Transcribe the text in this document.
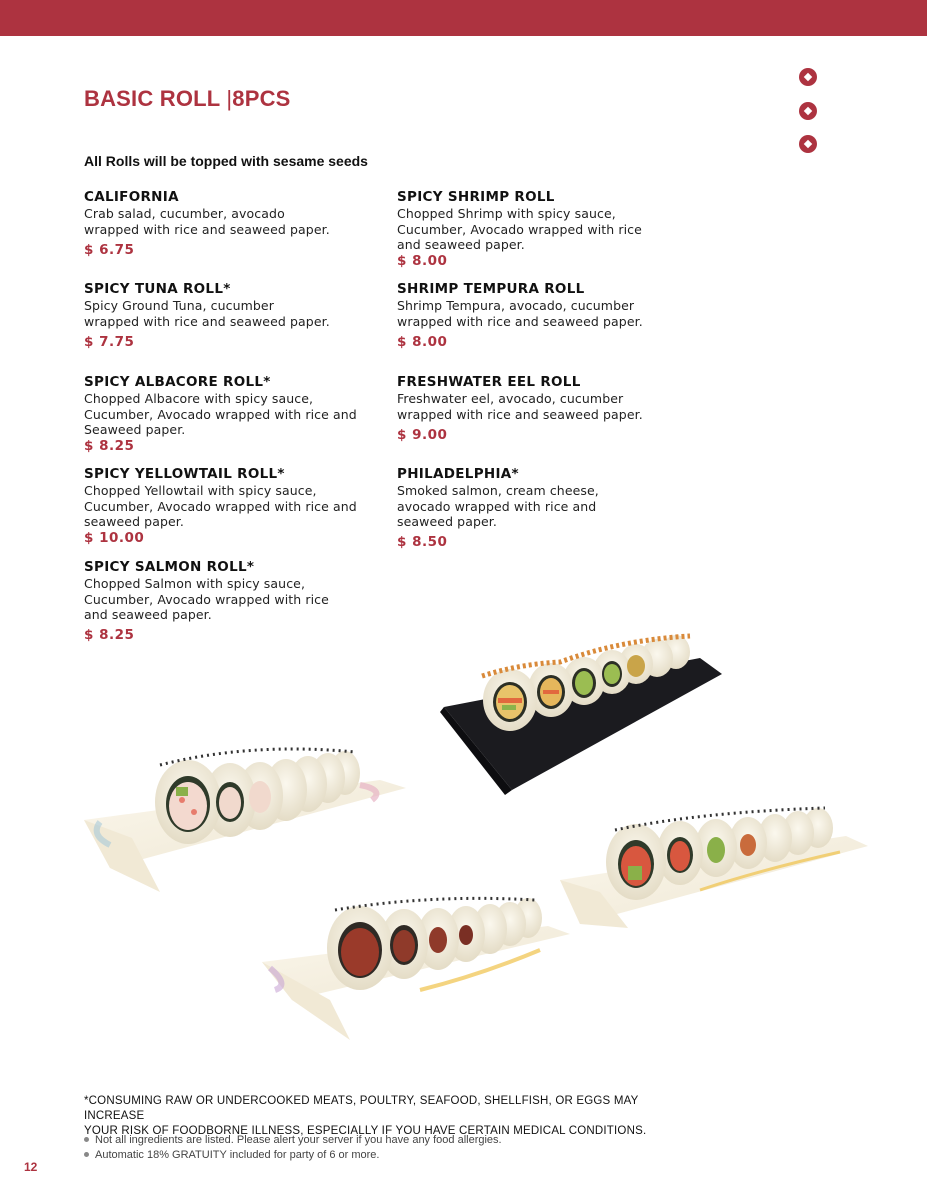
BASIC ROLL |8PCS
All Rolls will be topped with sesame seeds
CALIFORNIA
Crab salad, cucumber, avocado
wrapped with rice and seaweed paper.
$ 6.75
SPICY TUNA ROLL*
Spicy Ground Tuna, cucumber
wrapped with rice and seaweed paper.
$ 7.75
SPICY ALBACORE ROLL*
Chopped Albacore with spicy sauce,
Cucumber, Avocado wrapped with rice and
Seaweed paper.
$ 8.25
SPICY YELLOWTAIL ROLL*
Chopped Yellowtail with spicy sauce,
Cucumber, Avocado wrapped with rice and
seaweed paper.
$ 10.00
SPICY SALMON ROLL*
Chopped Salmon with spicy sauce,
Cucumber, Avocado wrapped with rice
and seaweed paper.
$ 8.25
SPICY SHRIMP ROLL
Chopped Shrimp with spicy sauce,
Cucumber, Avocado wrapped with rice
and seaweed paper.
$ 8.00
SHRIMP TEMPURA ROLL
Shrimp Tempura, avocado, cucumber
wrapped with rice and seaweed paper.
$ 8.00
FRESHWATER EEL ROLL
Freshwater eel, avocado, cucumber
wrapped with rice and seaweed paper.
$ 9.00
PHILADELPHIA*
Smoked salmon, cream cheese,
avocado wrapped with rice and
seaweed paper.
$ 8.50
*CONSUMING RAW OR UNDERCOOKED MEATS, POULTRY, SEAFOOD, SHELLFISH, OR EGGS MAY INCREASE
YOUR RISK OF FOODBORNE ILLNESS, ESPECIALLY IF YOU HAVE CERTAIN MEDICAL CONDITIONS.
Not all ingredients are listed. Please alert your server if you have any food allergies.
Automatic 18% GRATUITY included for party of 6 or more.
12
